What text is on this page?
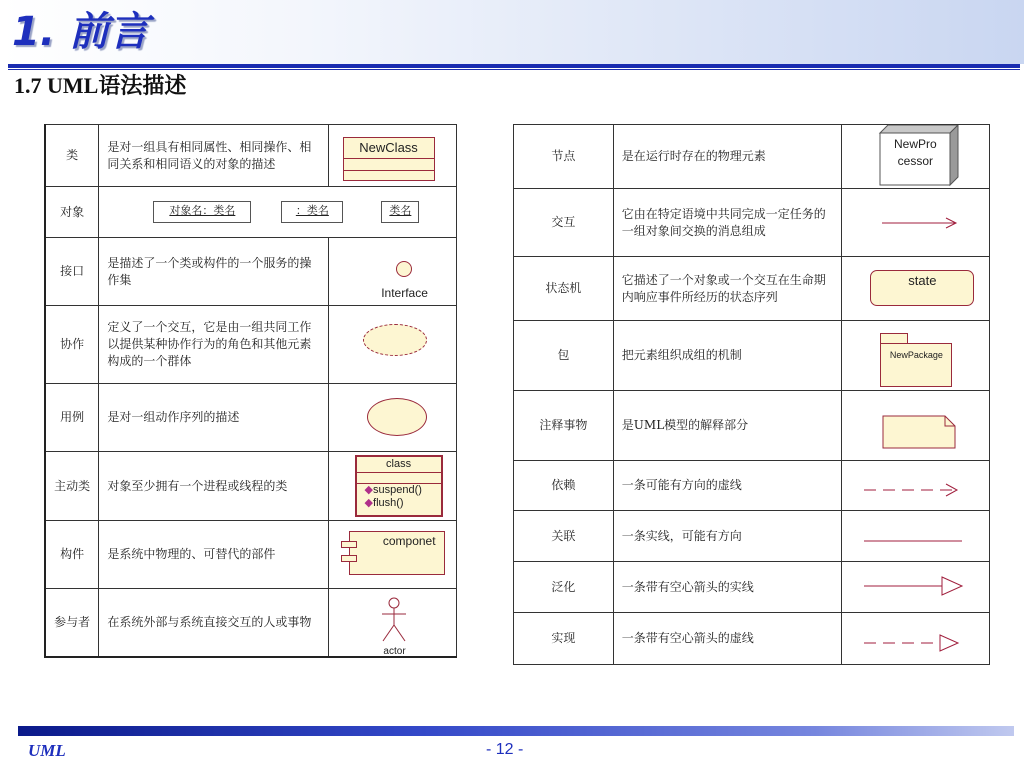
1. 前言
1.7 UML语法描述
类	是对一组具有相同属性、相同操作、相同关系和相同语义的对象的描述	NewClass

对象	对象名：类名 ：类名 类名	

接口	是描述了一个类或构件的一个服务的操作集	Interface

协作	定义了一个交互，它是由一组共同工作以提供某种协作行为的角色和其他元素构成的一个群体	

用例	是对一组动作序列的描述	

主动类	对象至少拥有一个进程或线程的类	class
◆suspend()
◆flush()

构件	是系统中物理的、可替代的部件	componet

参与者	在系统外部与系统直接交互的人或事物	actor
节点	是在运行时存在的物理元素	NewPro
cessor

交互	它由在特定语境中共同完成一定任务的一组对象间交换的消息组成	

状态机	它描述了一个对象或一个交互在生命期内响应事件所经历的状态序列	state

包	把元素组织成组的机制	NewPackage

注释事物	是UML模型的解释部分	

依赖	一条可能有方向的虚线	

关联	一条实线，可能有方向	

泛化	一条带有空心箭头的实线	

实现	一条带有空心箭头的虚线	
UML	- 12 -
